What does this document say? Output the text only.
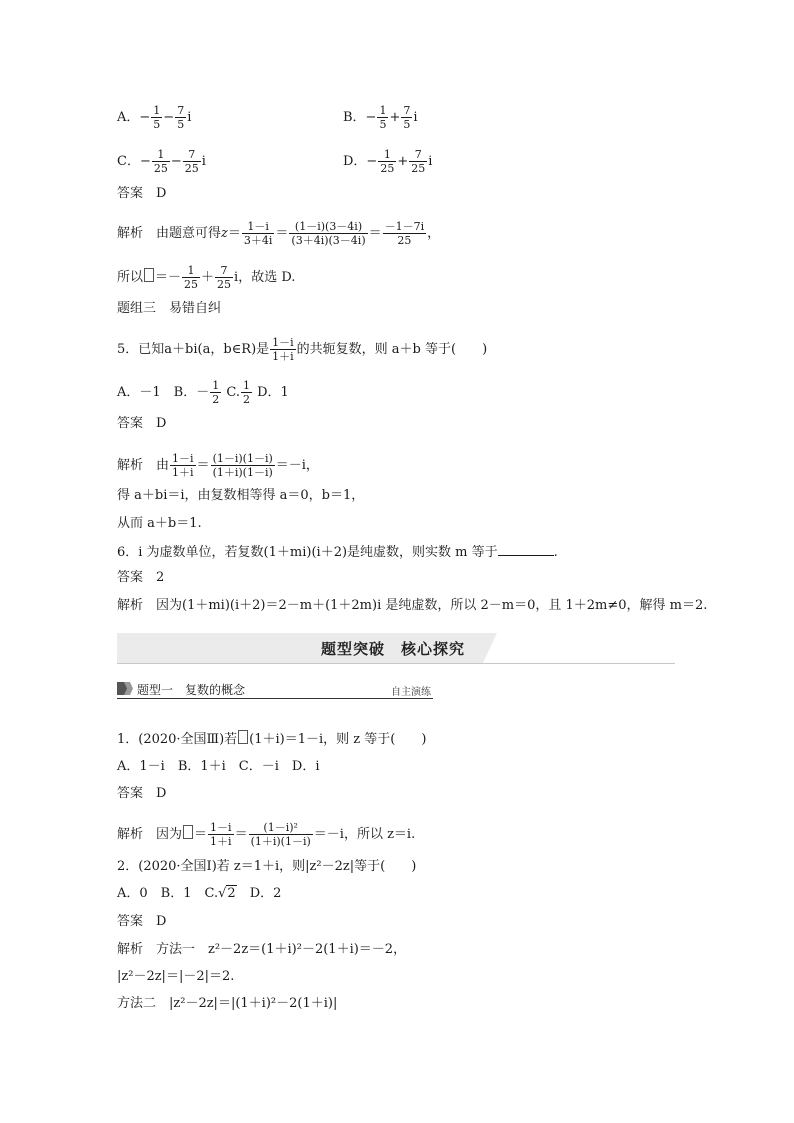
A．− $\frac{1}{5} - \frac{7}{5}$ i	B．− $\frac{1}{5} + \frac{7}{5}$ i
C．− $\frac{1}{25} - \frac{7}{25}$ i	D．− $\frac{1}{25} + \frac{7}{25}$ i
答案　D
解析　由题意可得$z= \frac{1-i}{3+4i} = \frac{(1-i)(3-4i)}{(3+4i)(3-4i)} = \frac{-1-7i}{25}$ ，
所以 ＝－ $\frac{1}{25} + \frac{7}{25}$ i，故选 D.
题组三　易错自纠
5．已知a＋bi(a，b∈R)是 $\frac{1-i}{1+i}$ 的共轭复数，则 a＋b 等于(　　)
A．－1　B．－ $\frac{1}{2} C$. $\frac{1}{2}$ D．1
答案　D
解析　由 $\frac{1-i}{1+i} = \frac{(1-i)(1-i)}{(1+i)(1-i)} =-i$，
得 a＋bi＝i，由复数相等得 a＝0，b＝1，
从而 a＋b＝1.
6．i 为虚数单位，若复数(1＋mi)(i＋2)是纯虚数，则实数 m 等于	.
答案　2
解析　因为(1＋mi)(i＋2)＝2－m＋(1＋2m)i 是纯虚数，所以 2－m＝0，且 1＋2m≠0，解得 m＝2.
题型突破　核心探究
题型一　复数的概念	自主演练
1．(2020·全国Ⅲ)若 (1＋i)＝1－i，则 z 等于(　　)
A．1－i　B．1＋i　C．－i　D．i
答案　D
解析　因为 ＝ $\frac{1-i}{1+i} = \frac{\text{(1－i)²}}{(1+i)(1-i)} =-i$，所以 z＝i.
2．(2020·全国Ⅰ)若 z＝1＋i，则|z²－2z|等于(　　)
A．0　B．1　C.√2　D．2
答案　D
解析　方法一　z²－2z＝(1＋i)²－2(1＋i)＝－2，
|z²－2z|＝|－2|＝2.
方法二　|z²－2z|＝|(1＋i)²－2(1＋i)|
